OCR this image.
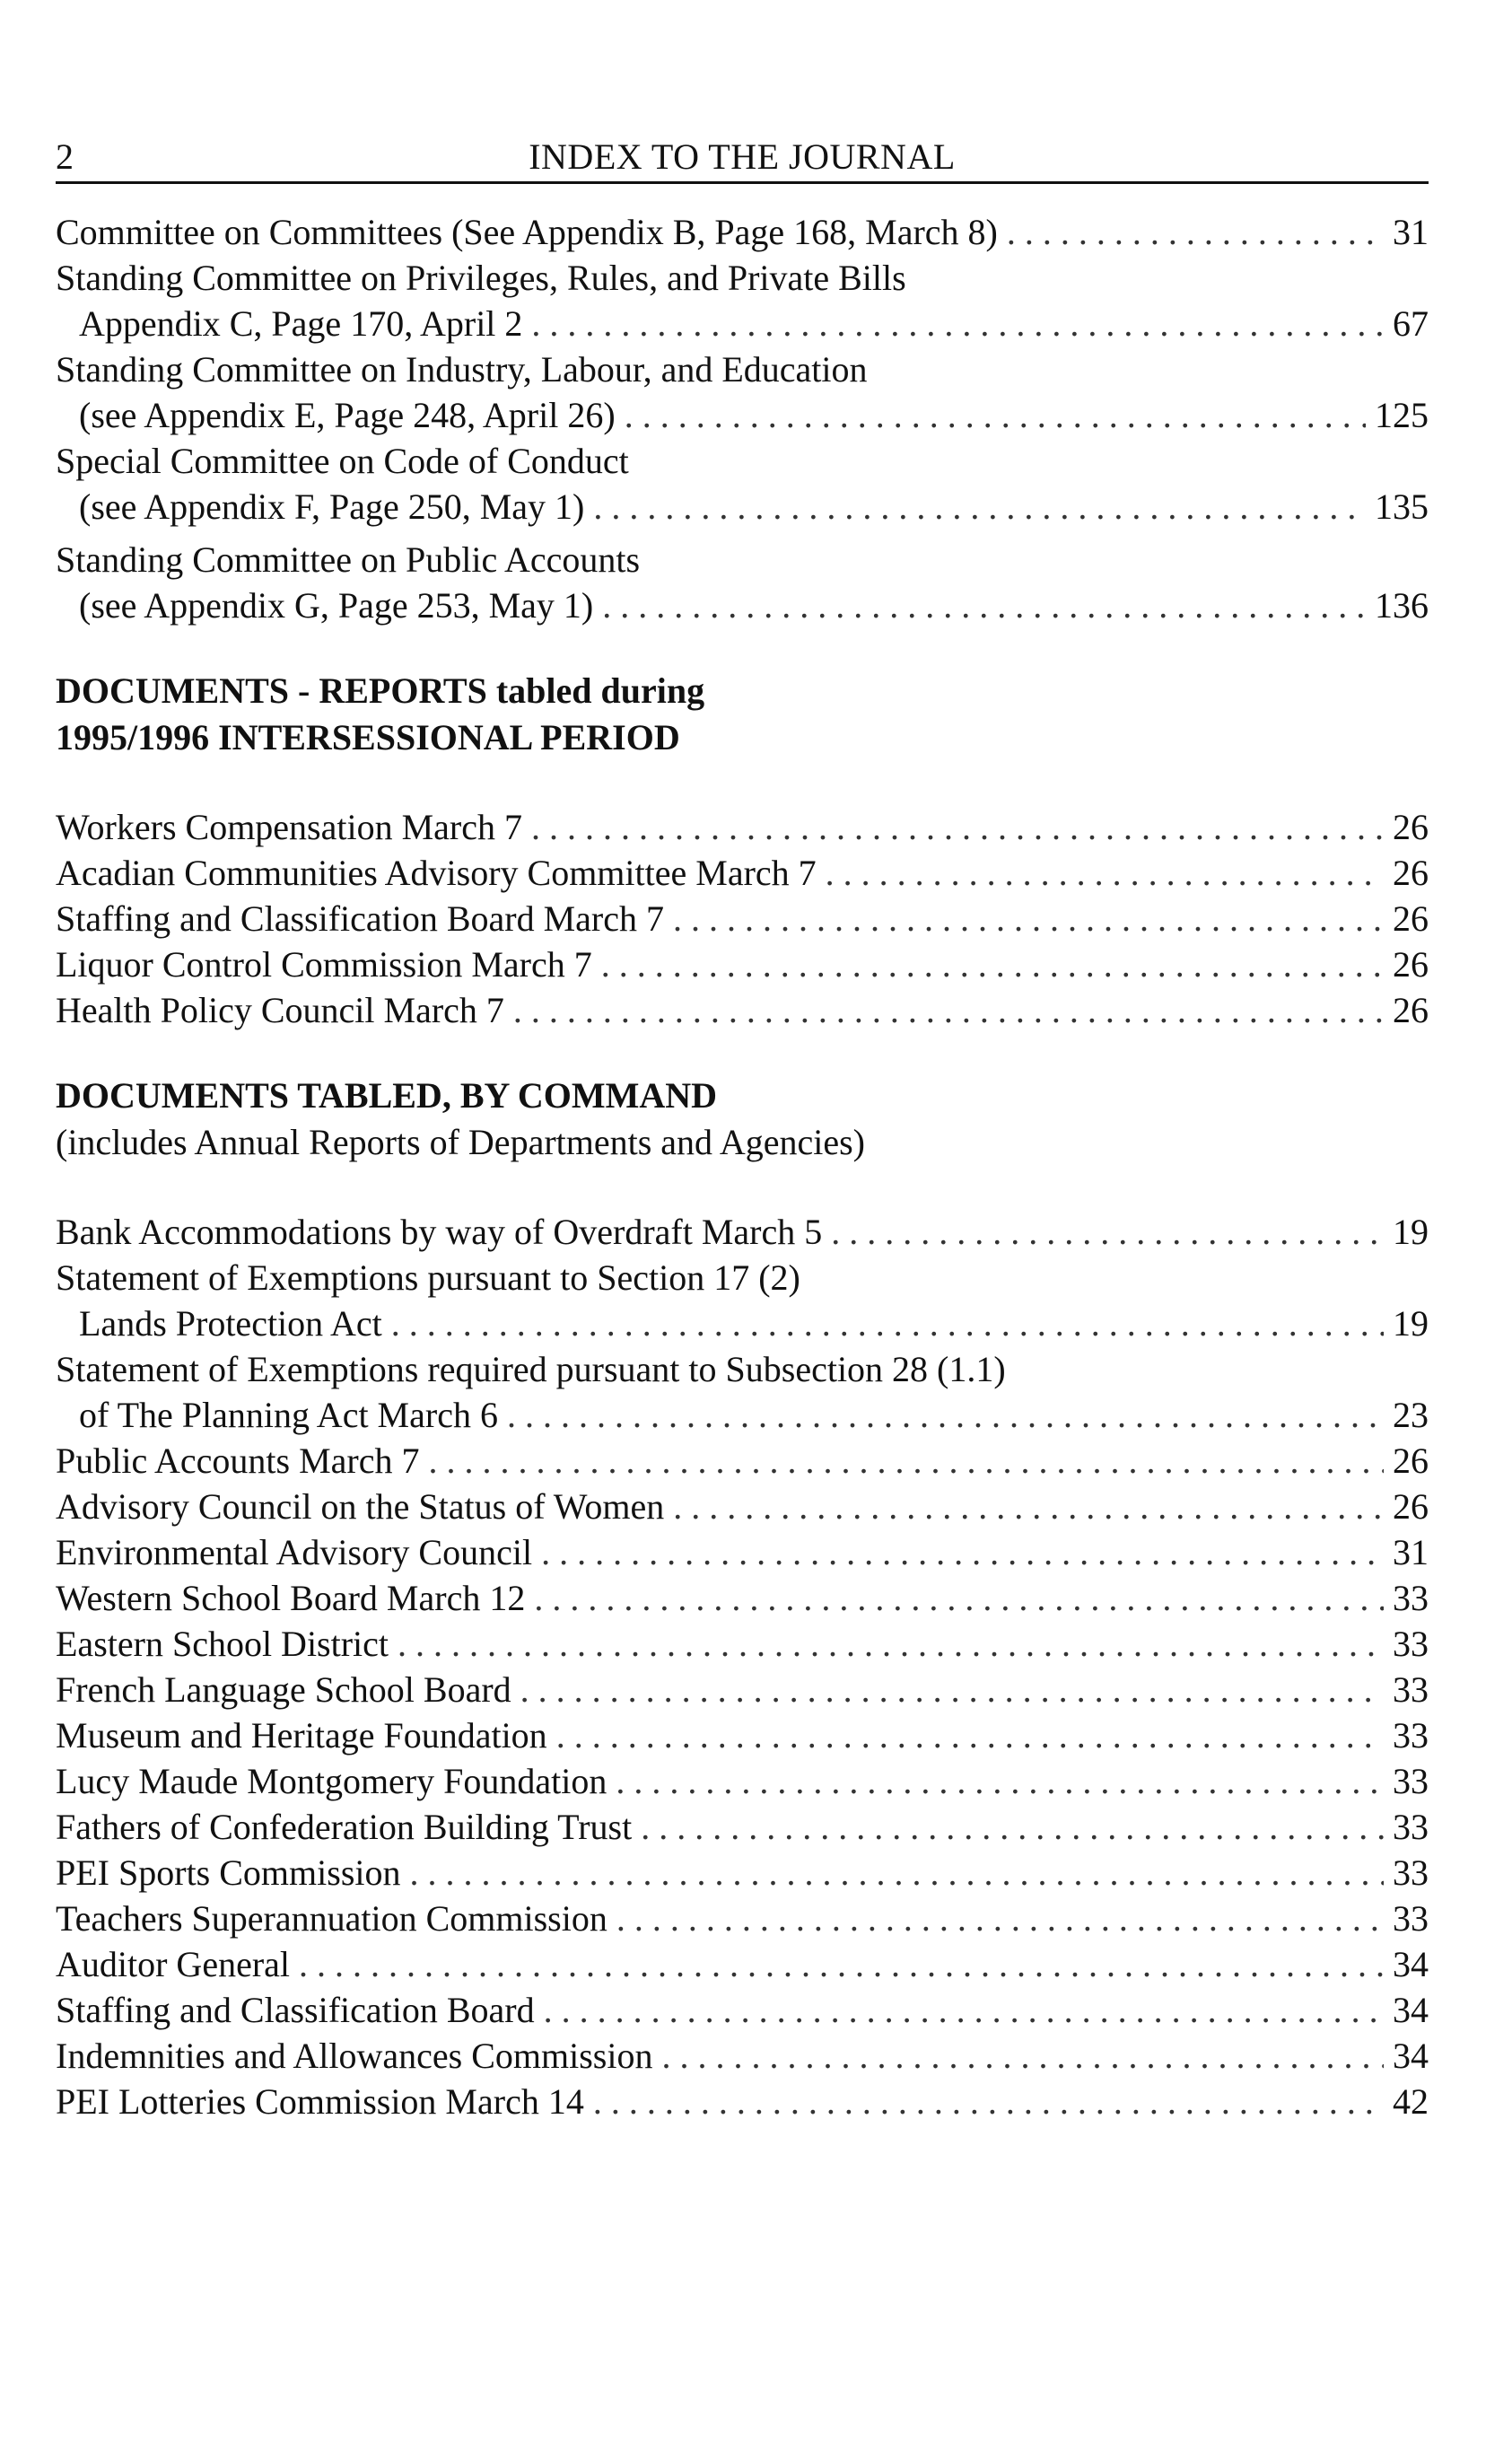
2	INDEX TO THE JOURNAL
Committee on Committees (See Appendix B, Page 168, March 8) . . .	31
Standing Committee on Privileges, Rules, and Private Bills
Appendix C, Page 170, April 2 . . .	67
Standing Committee on Industry, Labour, and Education
(see Appendix E, Page 248, April 26) . . .	125
Special Committee on Code of Conduct
(see Appendix F, Page 250, May 1) . . .	135
Standing Committee on Public Accounts
(see Appendix G, Page 253, May 1) . . .	136
DOCUMENTS - REPORTS tabled during
1995/1996 INTERSESSIONAL PERIOD
Workers Compensation March 7 . . .	26
Acadian Communities Advisory Committee March 7 . . .	26
Staffing and Classification Board March 7 . . .	26
Liquor Control Commission March 7 . . .	26
Health Policy Council March 7 . . .	26
DOCUMENTS TABLED, BY COMMAND
(includes Annual Reports of Departments and Agencies)
Bank Accommodations by way of Overdraft March 5 . . .	19
Statement of Exemptions pursuant to Section 17 (2)
Lands Protection Act . . .	19
Statement of Exemptions required pursuant to Subsection 28 (1.1)
of The Planning Act March 6 . . .	23
Public Accounts March 7 . . .	26
Advisory Council on the Status of Women . . .	26
Environmental Advisory Council . . .	31
Western School Board March 12 . . .	33
Eastern School District . . .	33
French Language School Board . . .	33
Museum and Heritage Foundation . . .	33
Lucy Maude Montgomery Foundation . . .	33
Fathers of Confederation Building Trust . . .	33
PEI Sports Commission . . .	33
Teachers Superannuation Commission . . .	33
Auditor General . . .	34
Staffing and Classification Board . . .	34
Indemnities and Allowances Commission . . .	34
PEI Lotteries Commission March 14 . . .	42
